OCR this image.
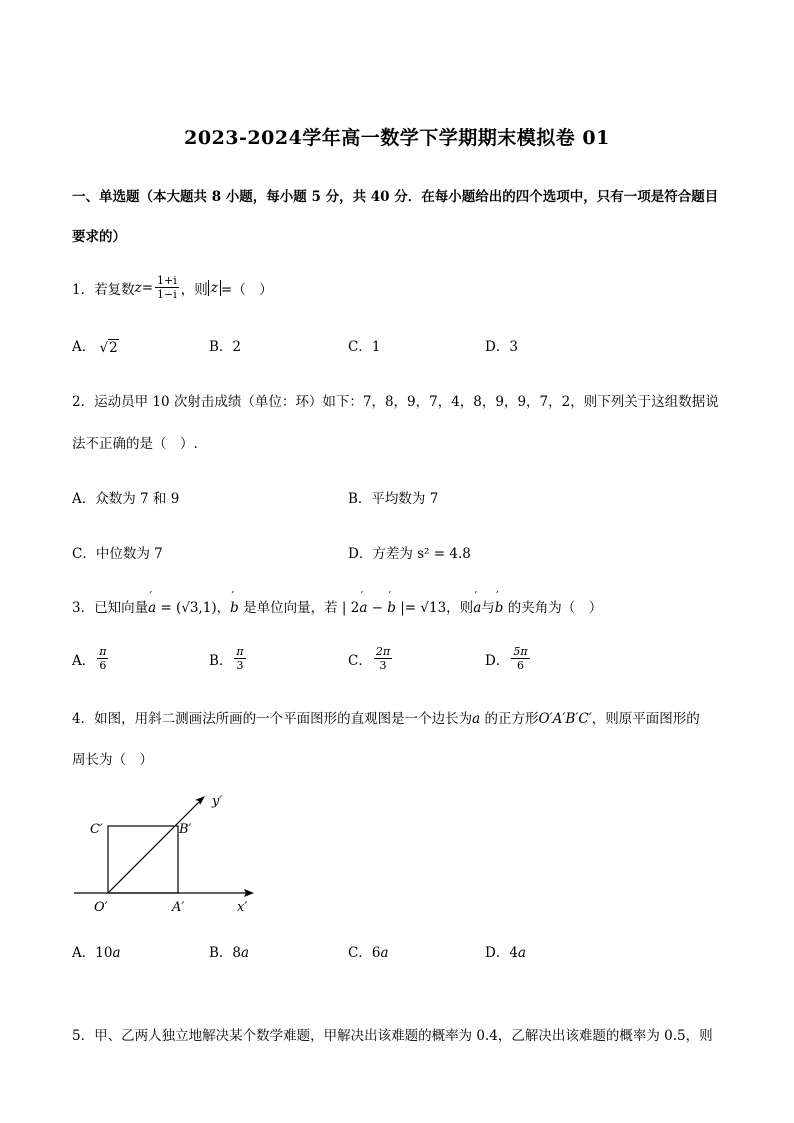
2023-2024学年高一数学下学期期末模拟卷 01
一、单选题（本大题共 8 小题，每小题 5 分，共 40 分．在每小题给出的四个选项中，只有一项是符合题目
要求的）
1．若复数 $z = \frac{1+i}{1-i}$ ，则 z =（　）
A． √2	B．2	C．1	D．3
2．运动员甲 10 次射击成绩（单位：环）如下：7，8，9，7，4，8，9，9，7，2，则下列关于这组数据说
法不正确的是（　）.
A．众数为 7 和 9	B．平均数为 7
C．中位数为 7	D．方差为 s² = 4.8
3．已知向量’ a = (√3,1)，’ b 是单位向量，若 | 2’ a − ’ b |= √13，则’ a与’ b 的夹角为（　）
A． $\frac{\pi}{6}$	B． $\frac{\pi}{3}$	C． $\frac{2\pi}{3}$	D． $\frac{5\pi}{6}$
4．如图，用斜二测画法所画的一个平面图形的直观图是一个边长为a 的正方形O′A′B′C′，则原平面图形的
周长为（　）
y′
x′
O′	A′
B′
C′
A．10a	B．8a	C．6a	D．4a
5．甲、乙两人独立地解决某个数学难题，甲解决出该难题的概率为 0.4，乙解决出该难题的概率为 0.5，则
